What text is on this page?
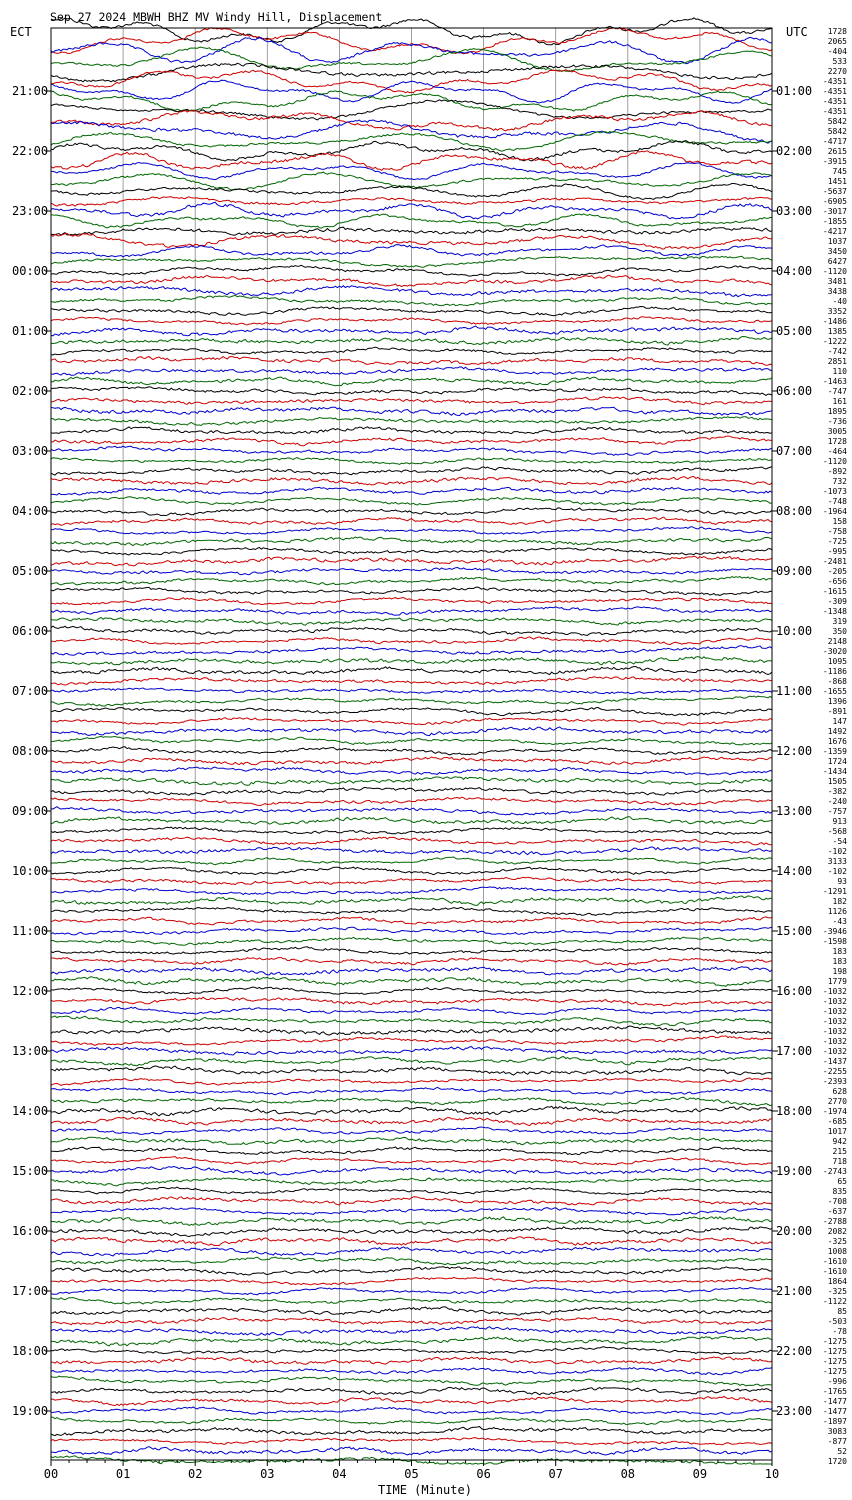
Sep 27 2024 MBWH BHZ MV Windy Hill, Displacement
ECT	UTC
21:00
22:00
23:00
00:00
01:00
02:00
03:00
04:00
05:00
06:00
07:00
08:00
09:00
10:00
11:00
12:00
13:00
14:00
15:00
16:00
17:00
18:00
19:00
01:00
02:00
03:00
04:00
05:00
06:00
07:00
08:00
09:00
10:00
11:00
12:00
13:00
14:00
15:00
16:00
17:00
18:00
19:00
20:00
21:00
22:00
23:00
1728
2065
-404
533
2270
-4351
-4351
-4351
-4351
5842
5842
-4717
2615
-3915
745
1451
-5637
-6905
-3017
-1855
-4217
1037
3450
6427
-1120
3481
3438
-40
3352
-1486
1385
-1222
-742
2851
110
-1463
-747
161
1895
-736
3005
1728
-464
-1120
-892
732
-1073
-748
-1964
158
-758
-725
-995
-2481
-205
-656
-1615
-309
-1348
319
350
2148
-3020
1095
-1186
-868
-1655
1396
-891
147
1492
1676
-1359
1724
-1434
1505
-382
-240
-757
913
-568
-54
-102
3133
-102
93
-1291
182
1126
-43
-3946
-1598
183
183
198
1779
-1032
-1032
-1032
-1032
-1032
-1032
-1032
-1437
-2255
-2393
628
2770
-1974
-685
1017
942
215
718
-2743
65
835
-708
-637
-2788
2082
-325
1008
-1610
-1610
1864
-325
-1122
85
-503
-78
-1275
-1275
-1275
-1275
-996
-1765
-1477
-1477
-1897
3083
-877
52
1720
00	01	02	03	04	05	06	07	08	09	10
TIME (Minute)
